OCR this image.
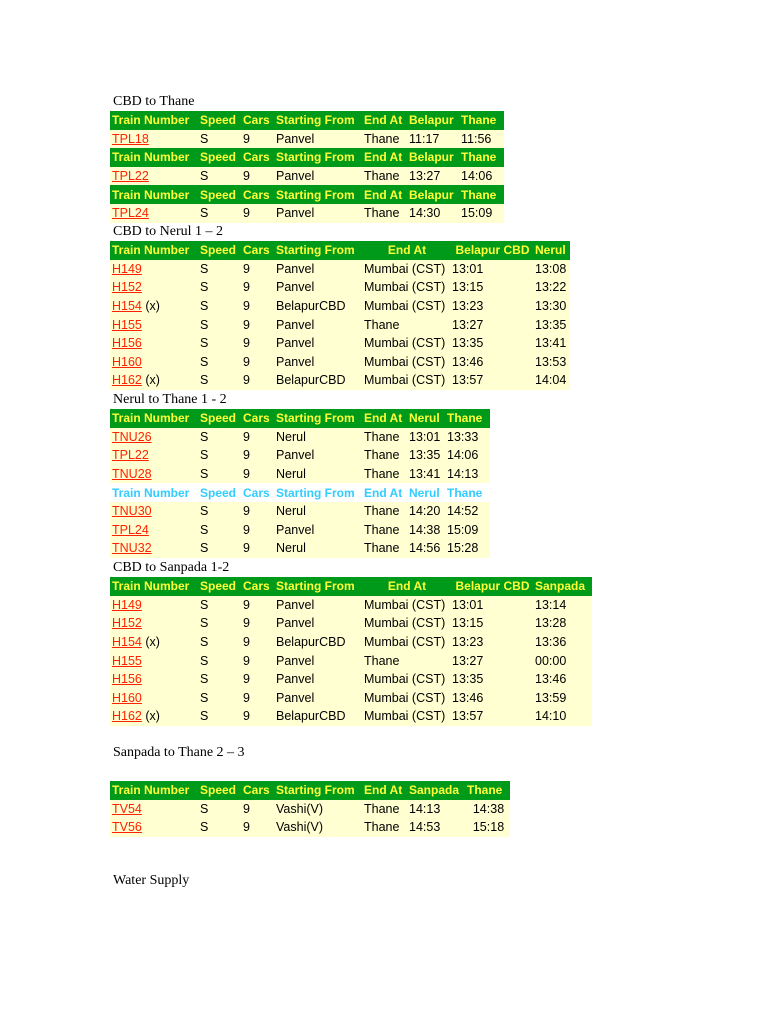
CBD to Thane
Train Number	Speed	Cars	Starting From	End At	Belapur	Thane
TPL18	S	9	Panvel	Thane	11:17	11:56
Train Number	Speed	Cars	Starting From	End At	Belapur	Thane
TPL22	S	9	Panvel	Thane	13:27	14:06
Train Number	Speed	Cars	Starting From	End At	Belapur	Thane
TPL24	S	9	Panvel	Thane	14:30	15:09
CBD to Nerul 1 – 2
Train Number	Speed	Cars	Starting From	End At	Belapur CBD	Nerul
H149	S	9	Panvel	Mumbai (CST)	13:01	13:08
H152	S	9	Panvel	Mumbai (CST)	13:15	13:22
H154 (x)	S	9	BelapurCBD	Mumbai (CST)	13:23	13:30
H155	S	9	Panvel	Thane	13:27	13:35
H156	S	9	Panvel	Mumbai (CST)	13:35	13:41
H160	S	9	Panvel	Mumbai (CST)	13:46	13:53
H162 (x)	S	9	BelapurCBD	Mumbai (CST)	13:57	14:04
Nerul to Thane 1 - 2
Train Number	Speed	Cars	Starting From	End At	Nerul	Thane
TNU26	S	9	Nerul	Thane	13:01	13:33
TPL22	S	9	Panvel	Thane	13:35	14:06
TNU28	S	9	Nerul	Thane	13:41	14:13
Train Number	Speed	Cars	Starting From	End At	Nerul	Thane
TNU30	S	9	Nerul	Thane	14:20	14:52
TPL24	S	9	Panvel	Thane	14:38	15:09
TNU32	S	9	Nerul	Thane	14:56	15:28
CBD to Sanpada 1-2
Train Number	Speed	Cars	Starting From	End At	Belapur CBD	Sanpada
H149	S	9	Panvel	Mumbai (CST)	13:01	13:14
H152	S	9	Panvel	Mumbai (CST)	13:15	13:28
H154 (x)	S	9	BelapurCBD	Mumbai (CST)	13:23	13:36
H155	S	9	Panvel	Thane	13:27	00:00
H156	S	9	Panvel	Mumbai (CST)	13:35	13:46
H160	S	9	Panvel	Mumbai (CST)	13:46	13:59
H162 (x)	S	9	BelapurCBD	Mumbai (CST)	13:57	14:10
Sanpada to Thane 2 – 3
Train Number	Speed	Cars	Starting From	End At	Sanpada	Thane
TV54	S	9	Vashi(V)	Thane	14:13	14:38
TV56	S	9	Vashi(V)	Thane	14:53	15:18
Water Supply
